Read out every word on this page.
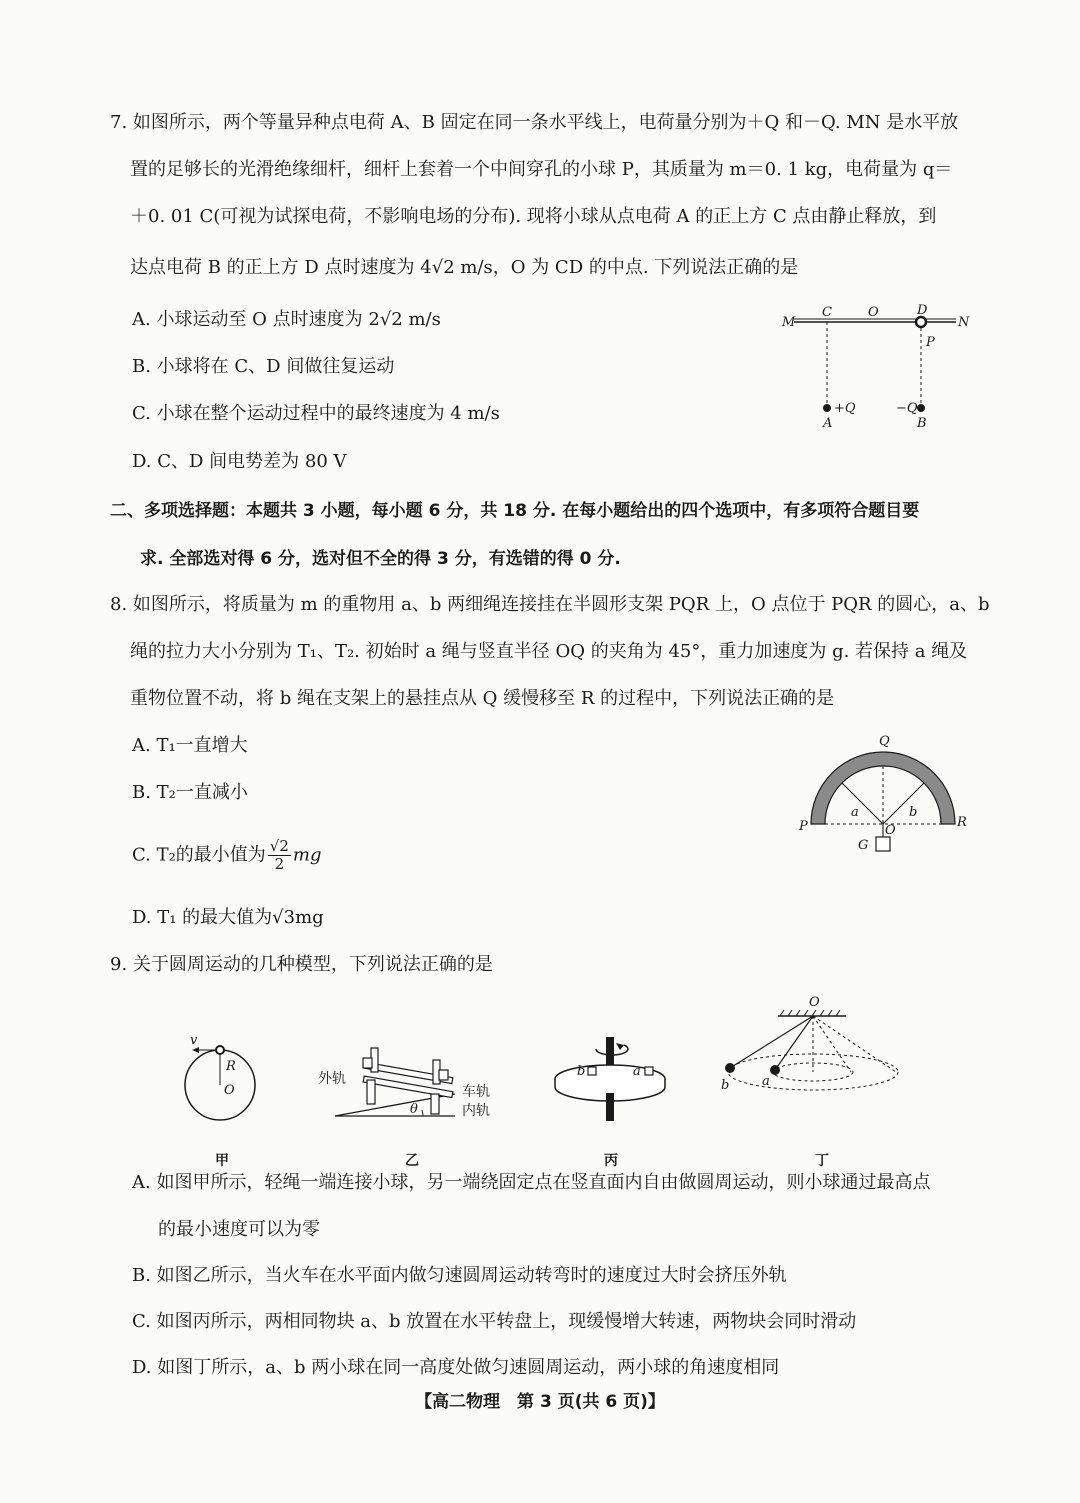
7. 如图所示，两个等量异种点电荷 A、B 固定在同一条水平线上，电荷量分别为＋Q 和－Q. MN 是水平放
置的足够长的光滑绝缘细杆，细杆上套着一个中间穿孔的小球 P，其质量为 m＝0. 1 kg，电荷量为 q＝
＋0. 01 C(可视为试探电荷，不影响电场的分布). 现将小球从点电荷 A 的正上方 C 点由静止释放，到
达点电荷 B 的正上方 D 点时速度为 4√2 m/s，O 为 CD 的中点. 下列说法正确的是
A. 小球运动至 O 点时速度为 2√2 m/s
B. 小球将在 C、D 间做往复运动
C. 小球在整个运动过程中的最终速度为 4 m/s
D. C、D 间电势差为 80 V
M
C	O	D
N
P
+Q	−Q
A	B
二、多项选择题：本题共 3 小题，每小题 6 分，共 18 分. 在每小题给出的四个选项中，有多项符合题目要
求. 全部选对得 6 分，选对但不全的得 3 分，有选错的得 0 分.
8. 如图所示，将质量为 m 的重物用 a、b 两细绳连接挂在半圆形支架 PQR 上，O 点位于 PQR 的圆心，a、b
绳的拉力大小分别为 T₁、T₂. 初始时 a 绳与竖直半径 OQ 的夹角为 45°，重力加速度为 g. 若保持 a 绳及
重物位置不动，将 b 绳在支架上的悬挂点从 Q 缓慢移至 R 的过程中，下列说法正确的是
A. T₁一直增大
B. T₂一直减小
C. T₂的最小值为 $\frac{√2}{2}$ mg
D. T₁ 的最大值为√3mg
Q
P	R
a	b
O
G
9. 关于圆周运动的几种模型，下列说法正确的是
v
R
O
θ
外轨
车轨
内轨
b	a
O
b	a
甲	乙	丙	丁
A. 如图甲所示，轻绳一端连接小球，另一端绕固定点在竖直面内自由做圆周运动，则小球通过最高点
的最小速度可以为零
B. 如图乙所示，当火车在水平面内做匀速圆周运动转弯时的速度过大时会挤压外轨
C. 如图丙所示，两相同物块 a、b 放置在水平转盘上，现缓慢增大转速，两物块会同时滑动
D. 如图丁所示，a、b 两小球在同一高度处做匀速圆周运动，两小球的角速度相同
【高二物理　第 3 页(共 6 页)】
